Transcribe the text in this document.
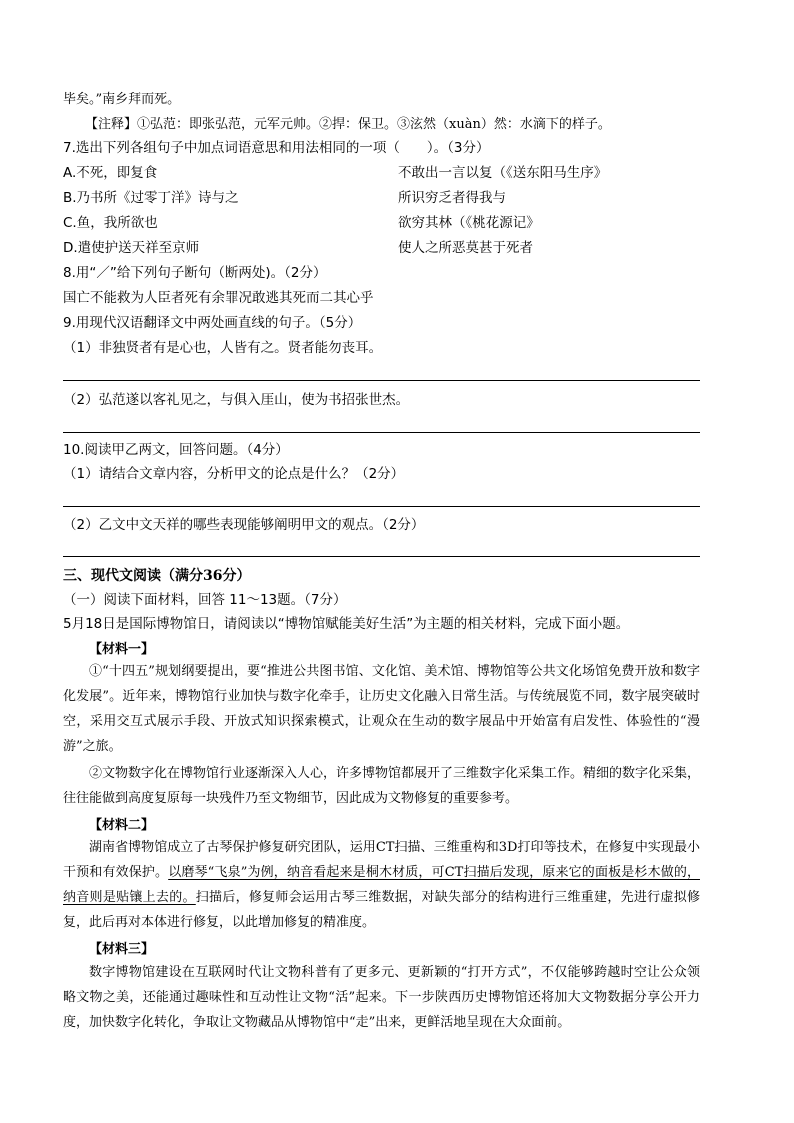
毕矣。”南乡拜而死。
【注释】①弘范：即张弘范，元军元帅。②捍：保卫。③泫然（xuàn）然：水滴下的样子。
7.选出下列各组句子中加点词语意思和用法相同的一项（　　）。（3分）
A.不死，即复食	不敢出一言以复（《送东阳马生序》
B.乃书所《过零丁洋》诗与之	所识穷乏者得我与
C.鱼，我所欲也	欲穷其林（《桃花源记》
D.遣使护送天祥至京师	使人之所恶莫甚于死者
8.用“／”给下列句子断句（断两处)。（2分）
国亡不能救为人臣者死有余罪况敢逃其死而二其心乎
9.用现代汉语翻译文中两处画直线的句子。（5分）
（1）非独贤者有是心也，人皆有之。贤者能勿丧耳。
（2）弘范遂以客礼见之，与俱入厓山，使为书招张世杰。
10.阅读甲乙两文，回答问题。（4分）
（1）请结合文章内容，分析甲文的论点是什么？（2分）
（2）乙文中文天祥的哪些表现能够阐明甲文的观点。（2分）
三、现代文阅读（满分36分）
（一）阅读下面材料，回答 11～13题。（7分）
5月18日是国际博物馆日，请阅读以“博物馆赋能美好生活”为主题的相关材料，完成下面小题。
【材料一】
①“十四五”规划纲要提出，要“推进公共图书馆、文化馆、美术馆、博物馆等公共文化场馆免费开放和数字化发展”。近年来，博物馆行业加快与数字化牵手，让历史文化融入日常生活。与传统展览不同，数字展突破时空，采用交互式展示手段、开放式知识探索模式，让观众在生动的数字展品中开始富有启发性、体验性的“漫游”之旅。
②文物数字化在博物馆行业逐渐深入人心，许多博物馆都展开了三维数字化采集工作。精细的数字化采集，往往能做到高度复原每一块残件乃至文物细节，因此成为文物修复的重要参考。
【材料二】
湖南省博物馆成立了古琴保护修复研究团队，运用CT扫描、三维重构和3D打印等技术，在修复中实现最小干预和有效保护。以磨琴“飞泉”为例，纳音看起来是桐木材质，可CT扫描后发现，原来它的面板是杉木做的，纳音则是贴镶上去的。扫描后，修复师会运用古琴三维数据，对缺失部分的结构进行三维重建，先进行虚拟修复，此后再对本体进行修复，以此增加修复的精准度。
【材料三】
数字博物馆建设在互联网时代让文物科普有了更多元、更新颖的“打开方式”，不仅能够跨越时空让公众领略文物之美，还能通过趣味性和互动性让文物“活”起来。下一步陕西历史博物馆还将加大文物数据分享公开力度，加快数字化转化，争取让文物藏品从博物馆中“走”出来，更鲜活地呈现在大众面前。
